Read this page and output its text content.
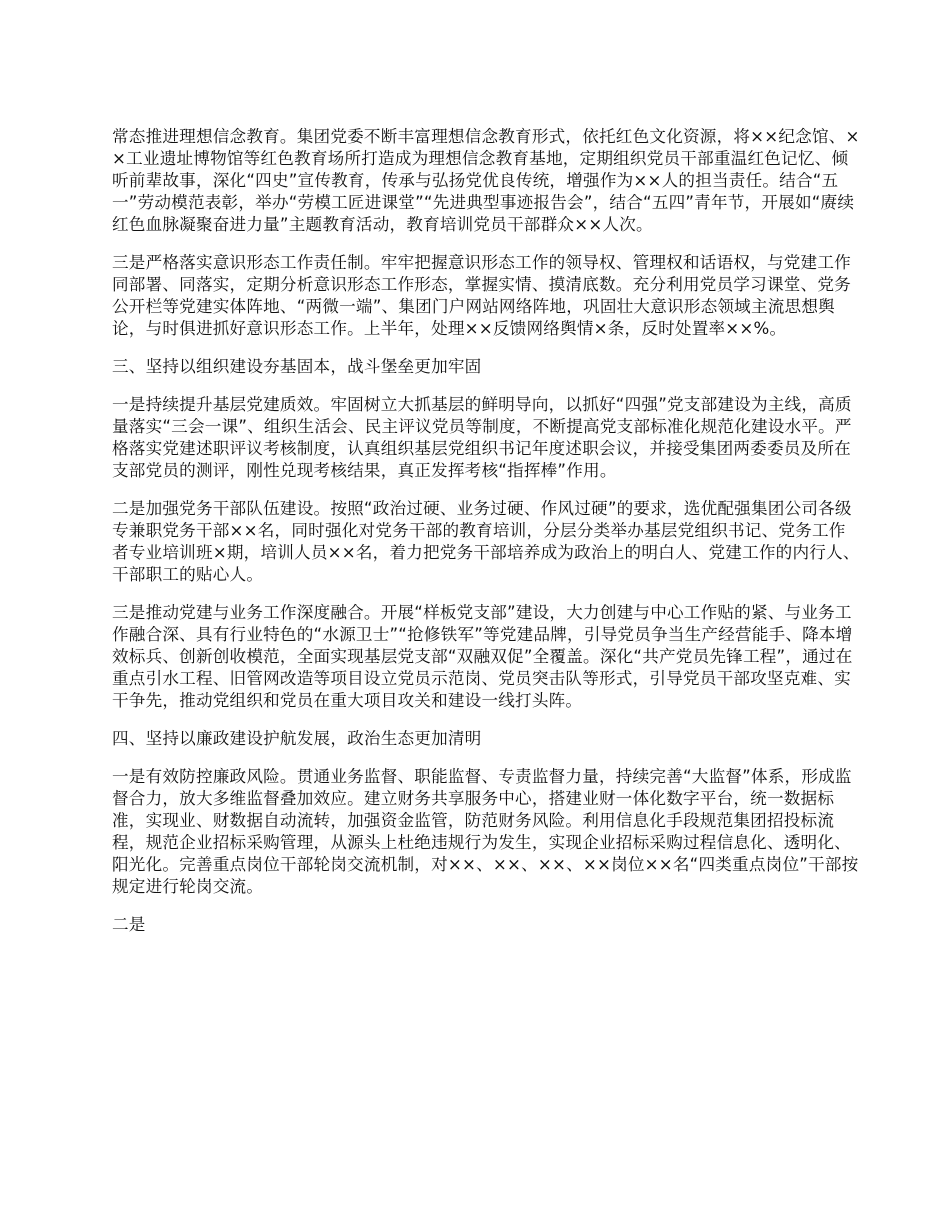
常态推进理想信念教育。集团党委不断丰富理想信念教育形式，依托红色文化资源，将××纪念馆、××工业遗址博物馆等红色教育场所打造成为理想信念教育基地，定期组织党员干部重温红色记忆、倾听前辈故事，深化“四史”宣传教育，传承与弘扬党优良传统，增强作为××人的担当责任。结合“五一”劳动模范表彰，举办“劳模工匠进课堂”“先进典型事迹报告会”，结合“五四”青年节，开展如“赓续红色血脉凝聚奋进力量”主题教育活动，教育培训党员干部群众××人次。

三是严格落实意识形态工作责任制。牢牢把握意识形态工作的领导权、管理权和话语权，与党建工作同部署、同落实，定期分析意识形态工作形态，掌握实情、摸清底数。充分利用党员学习课堂、党务公开栏等党建实体阵地、“两微一端”、集团门户网站网络阵地，巩固壮大意识形态领域主流思想舆论，与时俱进抓好意识形态工作。上半年，处理××反馈网络舆情×条，反时处置率××%。

三、坚持以组织建设夯基固本，战斗堡垒更加牢固

一是持续提升基层党建质效。牢固树立大抓基层的鲜明导向，以抓好“四强”党支部建设为主线，高质量落实“三会一课”、组织生活会、民主评议党员等制度，不断提高党支部标准化规范化建设水平。严格落实党建述职评议考核制度，认真组织基层党组织书记年度述职会议，并接受集团两委委员及所在支部党员的测评，刚性兑现考核结果，真正发挥考核“指挥棒”作用。

二是加强党务干部队伍建设。按照“政治过硬、业务过硬、作风过硬”的要求，选优配强集团公司各级专兼职党务干部××名，同时强化对党务干部的教育培训，分层分类举办基层党组织书记、党务工作者专业培训班×期，培训人员××名，着力把党务干部培养成为政治上的明白人、党建工作的内行人、干部职工的贴心人。

三是推动党建与业务工作深度融合。开展“样板党支部”建设，大力创建与中心工作贴的紧、与业务工作融合深、具有行业特色的“水源卫士”“抢修铁军”等党建品牌，引导党员争当生产经营能手、降本增效标兵、创新创收模范，全面实现基层党支部“双融双促”全覆盖。深化“共产党员先锋工程”，通过在重点引水工程、旧管网改造等项目设立党员示范岗、党员突击队等形式，引导党员干部攻坚克难、实干争先，推动党组织和党员在重大项目攻关和建设一线打头阵。

四、坚持以廉政建设护航发展，政治生态更加清明

一是有效防控廉政风险。贯通业务监督、职能监督、专责监督力量，持续完善“大监督”体系，形成监督合力，放大多维监督叠加效应。建立财务共享服务中心，搭建业财一体化数字平台，统一数据标准，实现业、财数据自动流转，加强资金监管，防范财务风险。利用信息化手段规范集团招投标流程，规范企业招标采购管理，从源头上杜绝违规行为发生，实现企业招标采购过程信息化、透明化、阳光化。完善重点岗位干部轮岗交流机制，对××、××、××、××岗位××名“四类重点岗位”干部按规定进行轮岗交流。

二是
